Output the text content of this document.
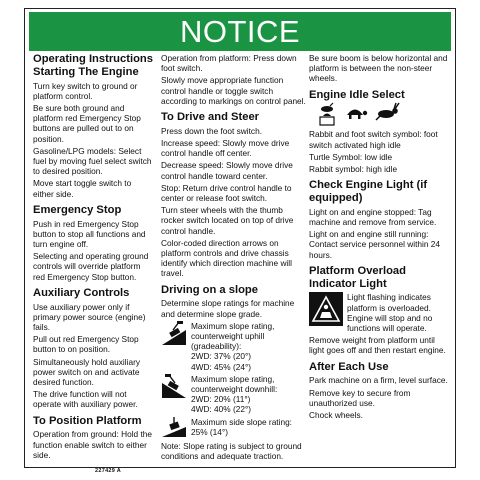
NOTICE
Operating Instructions Starting The Engine
Turn key switch to ground or platform control.
Be sure both ground and platform red Emergency Stop buttons are pulled out to on position.
Gasoline/LPG models: Select fuel by moving fuel select switch to desired position.
Move start toggle switch to either side.
Emergency Stop
Push in red Emergency Stop button to stop all functions and turn engine off.
Selecting and operating ground controls will override platform red Emergency Stop button.
Auxiliary Controls
Use auxiliary power only if primary power source (engine) fails.
Pull out red Emergency Stop button to on position.
Simultaneously hold auxiliary power switch on and activate desired function.
The drive function will not operate with auxiliary power.
To Position Platform
Operation from ground: Hold the function enable switch to either side.
227429 A
Operation from platform: Press down foot switch.
Slowly move appropriate function control handle or toggle switch according to markings on control panel.
To Drive and Steer
Press down the foot switch.
Increase speed: Slowly move drive control handle off center.
Decrease speed: Slowly move drive control handle toward center.
Stop: Return drive control handle to center or release foot switch.
Turn steer wheels with the thumb rocker switch located on top of drive control handle.
Color-coded direction arrows on platform controls and drive chassis identify which direction machine will travel.
Driving on a slope
Determine slope ratings for machine and determine slope grade.
Maximum slope rating, counterweight uphill (gradeability):
2WD: 37% (20°)
4WD: 45% (24°)
Maximum slope rating, counterweight downhill:
2WD: 20% (11°)
4WD: 40% (22°)
Maximum side slope rating:
25% (14°)
Note: Slope rating is subject to ground conditions and adequate traction.
Be sure boom is below horizontal and platform is between the non-steer wheels.
Engine Idle Select
Rabbit and foot switch symbol: foot switch activated high idle
Turtle Symbol: low idle
Rabbit symbol: high idle
Check Engine Light (if equipped)
Light on and engine stopped: Tag machine and remove from service.
Light on and engine still running: Contact service personnel within 24 hours.
Platform Overload Indicator Light
Light flashing indicates platform is overloaded. Engine will stop and no functions will operate.
Remove weight from platform until light goes off and then restart engine.
After Each Use
Park machine on a firm, level surface.
Remove key to secure from unauthorized use.
Chock wheels.
